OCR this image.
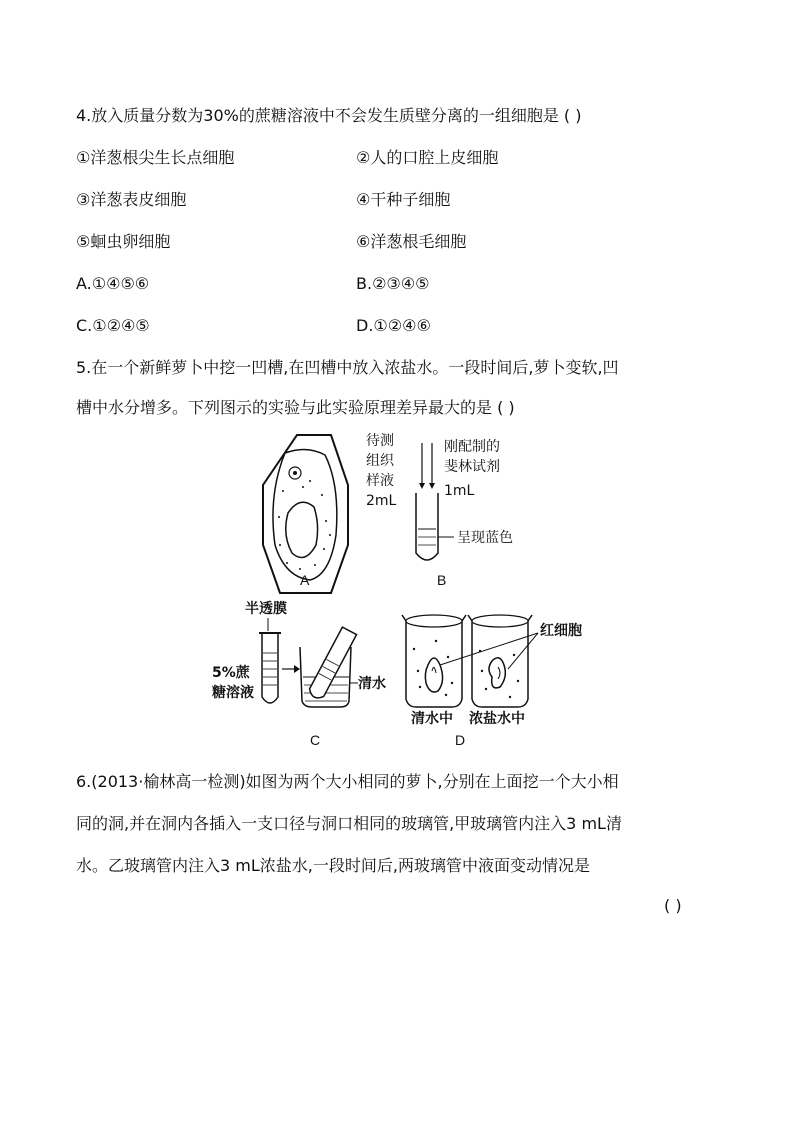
4.放入质量分数为30%的蔗糖溶液中不会发生质壁分离的一组细胞是 ( )
①洋葱根尖生长点细胞	②人的口腔上皮细胞
③洋葱表皮细胞	④干种子细胞
⑤蛔虫卵细胞	⑥洋葱根毛细胞
A.①④⑤⑥	B.②③④⑤
C.①②④⑤	D.①②④⑥
5.在一个新鲜萝卜中挖一凹槽,在凹槽中放入浓盐水。一段时间后,萝卜变软,凹
槽中水分增多。下列图示的实验与此实验原理差异最大的是 ( )
A
待测
组织
样液
2mL
刚配制的
斐林试剂
1mL
呈现蓝色
B
半透膜
5%蔗
糖溶液
清水
C
红细胞
清水中 浓盐水中
D
6.(2013·榆林高一检测)如图为两个大小相同的萝卜,分别在上面挖一个大小相
同的洞,并在洞内各插入一支口径与洞口相同的玻璃管,甲玻璃管内注入3 mL清
水。乙玻璃管内注入3 mL浓盐水,一段时间后,两玻璃管中液面变动情况是
( )
